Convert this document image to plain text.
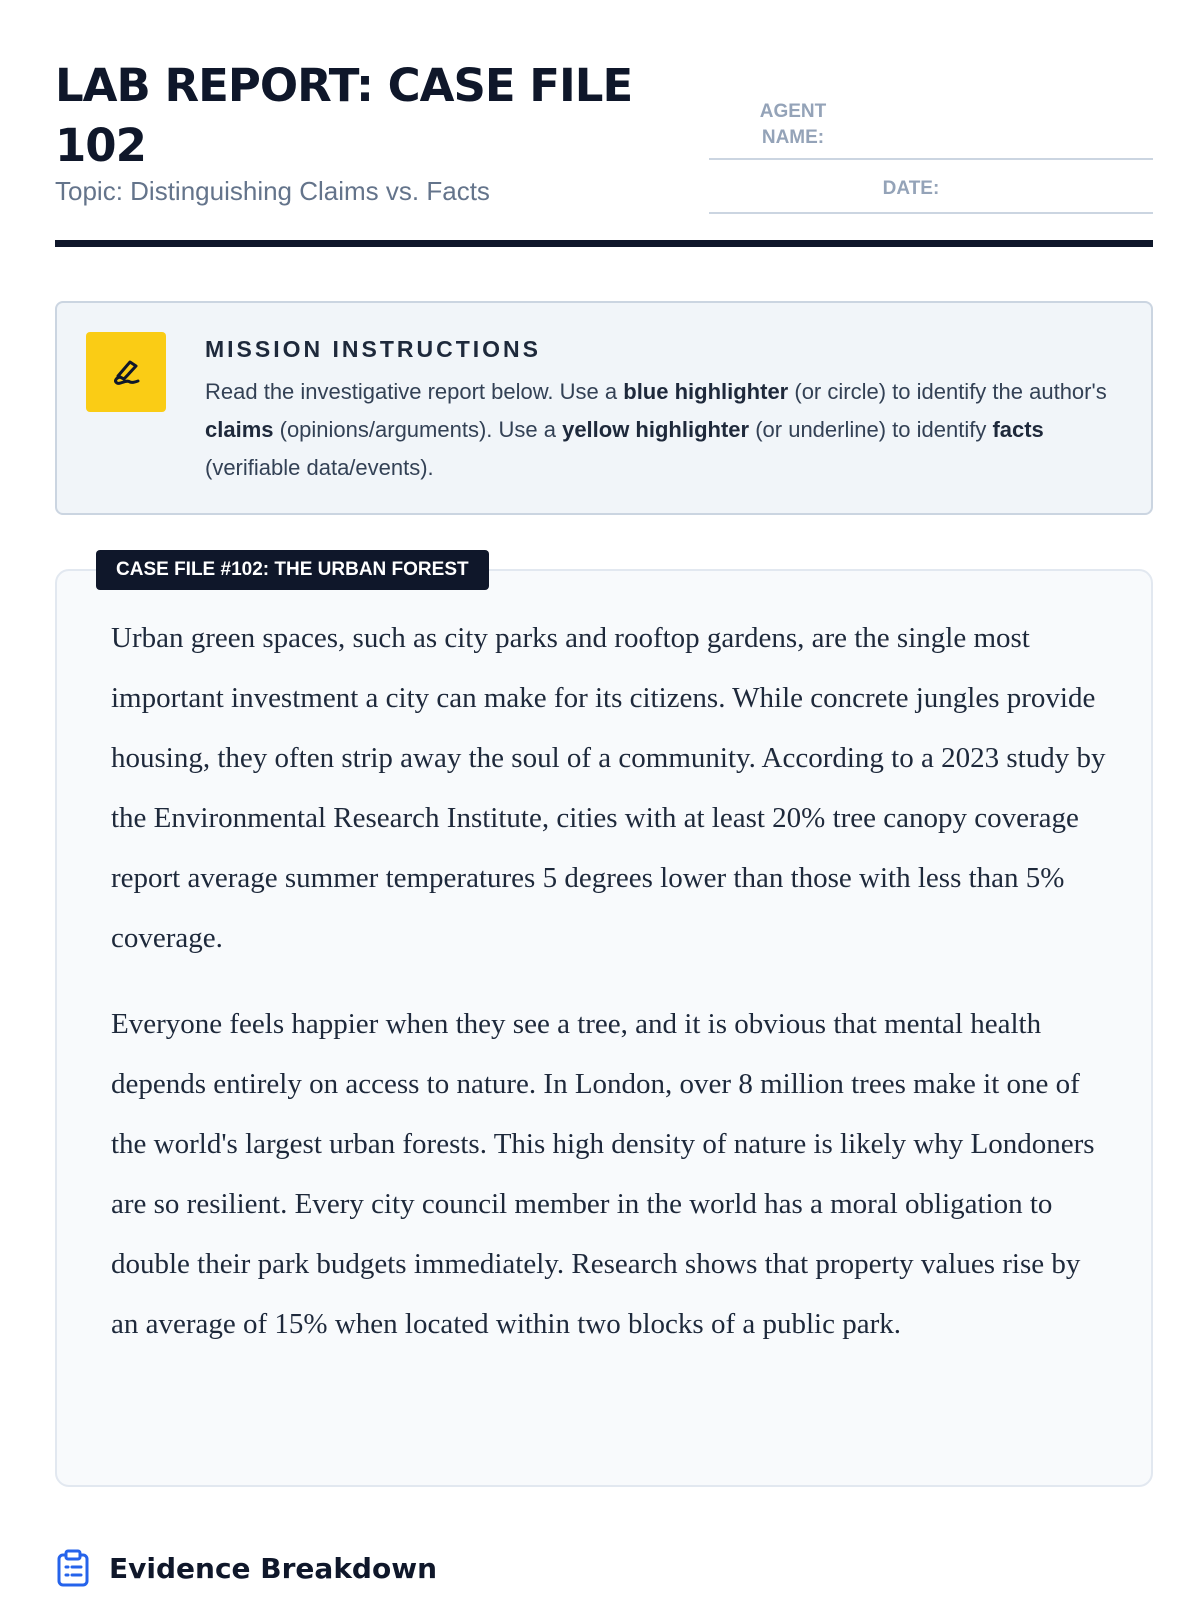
LAB REPORT: CASE FILE 102

Topic: Distinguishing Claims vs. Facts

AGENT NAME:
DATE:
MISSION INSTRUCTIONS
Read the investigative report below. Use a blue highlighter (or circle) to identify the author's claims (opinions/arguments). Use a yellow highlighter (or underline) to identify facts (verifiable data/events).
CASE FILE #102: THE URBAN FOREST

Urban green spaces, such as city parks and rooftop gardens, are the single most important investment a city can make for its citizens. While concrete jungles provide housing, they often strip away the soul of a community. According to a 2023 study by the Environmental Research Institute, cities with at least 20% tree canopy coverage report average summer temperatures 5 degrees lower than those with less than 5% coverage.

Everyone feels happier when they see a tree, and it is obvious that mental health depends entirely on access to nature. In London, over 8 million trees make it one of the world's largest urban forests. This high density of nature is likely why Londoners are so resilient. Every city council member in the world has a moral obligation to double their park budgets immediately. Research shows that property values rise by an average of 15% when located within two blocks of a public park.

Evidence Breakdown
